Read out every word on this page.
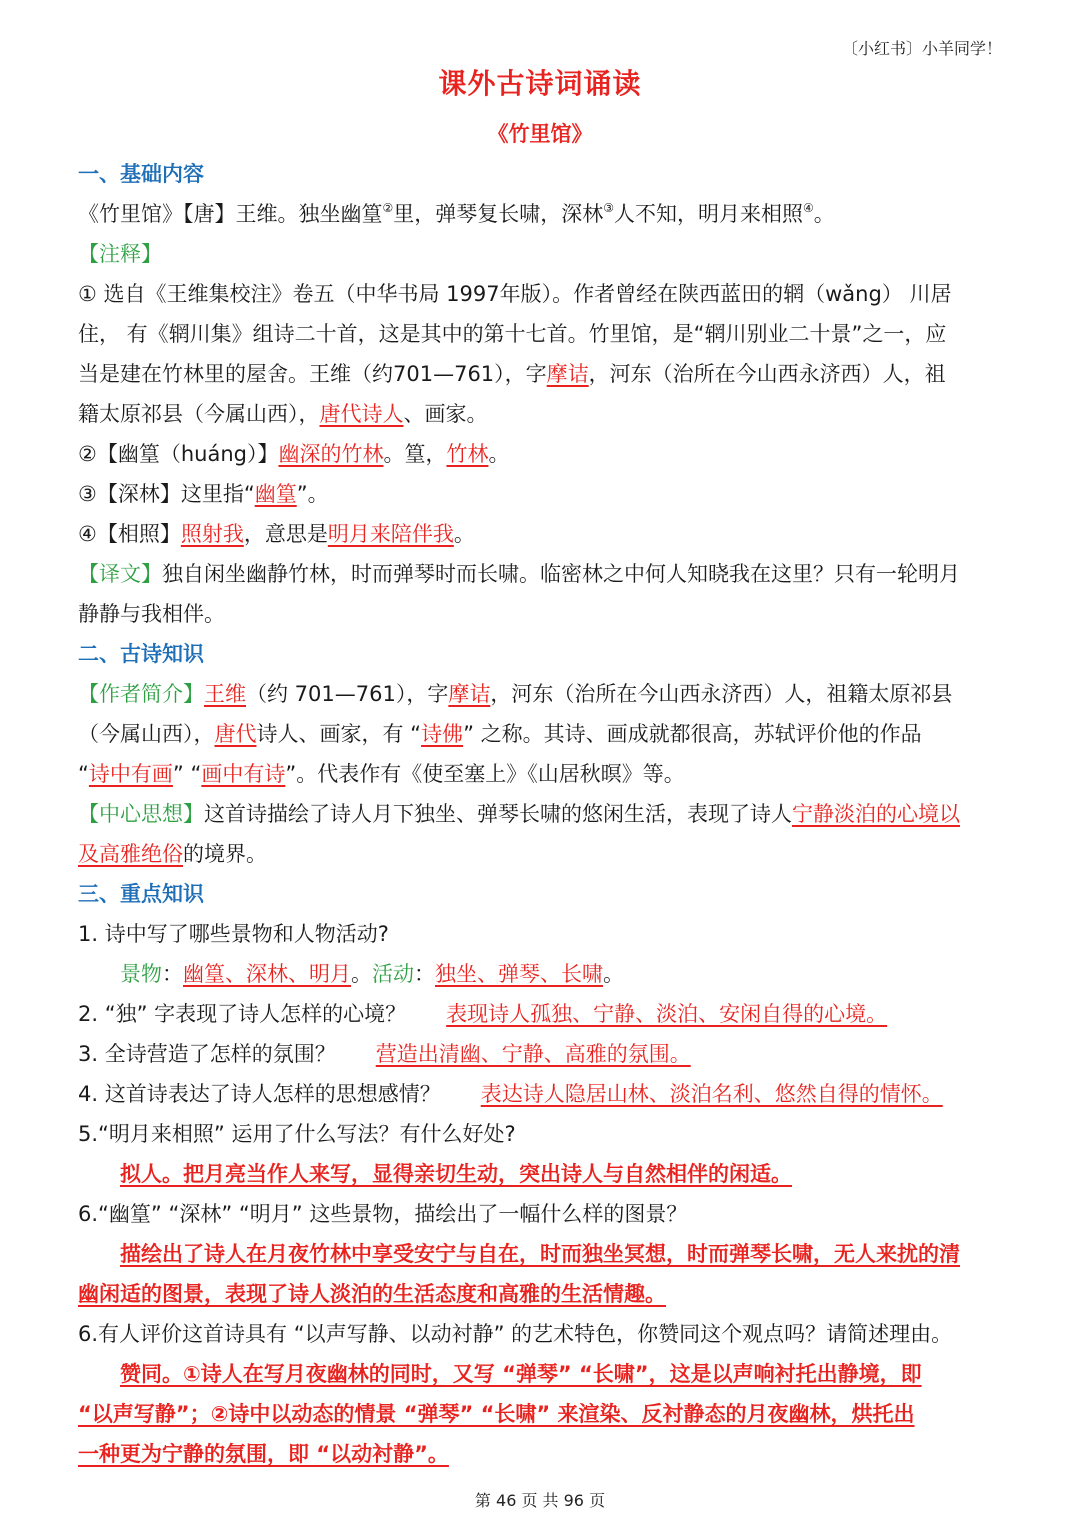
〔小红书〕小羊同学！
课外古诗词诵读
《竹里馆》
一、基础内容
《竹里馆》【唐】王维。独坐幽篁②里，弹琴复长啸，深林③人不知，明月来相照④。
【注释】
① 选自《王维集校注》卷五（中华书局 1997年版）。作者曾经在陕西蓝田的辋（wǎng） 川居
住， 有《辋川集》组诗二十首，这是其中的第十七首。竹里馆，是“辋川别业二十景”之一，应
当是建在竹林里的屋舍。王维（约701—761），字摩诘，河东（治所在今山西永济西）人，祖
籍太原祁县（今属山西），唐代诗人、画家。
②【幽篁（huáng）】幽深的竹林。篁，竹林。
③【深林】这里指“幽篁”。
④【相照】照射我，意思是明月来陪伴我。
【译文】独自闲坐幽静竹林，时而弹琴时而长啸。临密林之中何人知晓我在这里？只有一轮明月
静静与我相伴。
二、古诗知识
【作者简介】王维（约 701—761），字摩诘，河东（治所在今山西永济西）人，祖籍太原祁县
（今属山西），唐代诗人、画家，有 “诗佛” 之称。其诗、画成就都很高，苏轼评价他的作品
“诗中有画” “画中有诗”。代表作有《使至塞上》《山居秋暝》等。
【中心思想】这首诗描绘了诗人月下独坐、弹琴长啸的悠闲生活，表现了诗人宁静淡泊的心境以
及高雅绝俗的境界。
三、重点知识
1. 诗中写了哪些景物和人物活动?
景物：幽篁、深林、明月。活动：独坐、弹琴、长啸。
2. “独” 字表现了诗人怎样的心境？ 表现诗人孤独、宁静、淡泊、安闲自得的心境。
3. 全诗营造了怎样的氛围？ 营造出清幽、宁静、高雅的氛围。
4. 这首诗表达了诗人怎样的思想感情？ 表达诗人隐居山林、淡泊名利、悠然自得的情怀。
5.“明月来相照” 运用了什么写法？有什么好处?
拟人。把月亮当作人来写，显得亲切生动，突出诗人与自然相伴的闲适。
6.“幽篁” “深林” “明月” 这些景物，描绘出了一幅什么样的图景？
描绘出了诗人在月夜竹林中享受安宁与自在，时而独坐冥想，时而弹琴长啸，无人来扰的清
幽闲适的图景，表现了诗人淡泊的生活态度和高雅的生活情趣。
6.有人评价这首诗具有 “以声写静、以动衬静” 的艺术特色，你赞同这个观点吗？请简述理由。
赞同。①诗人在写月夜幽林的同时，又写 “弹琴” “长啸”，这是以声响衬托出静境，即
“以声写静”；②诗中以动态的情景 “弹琴” “长啸” 来渲染、反衬静态的月夜幽林，烘托出
一种更为宁静的氛围，即 “以动衬静”。
第 46 页 共 96 页
